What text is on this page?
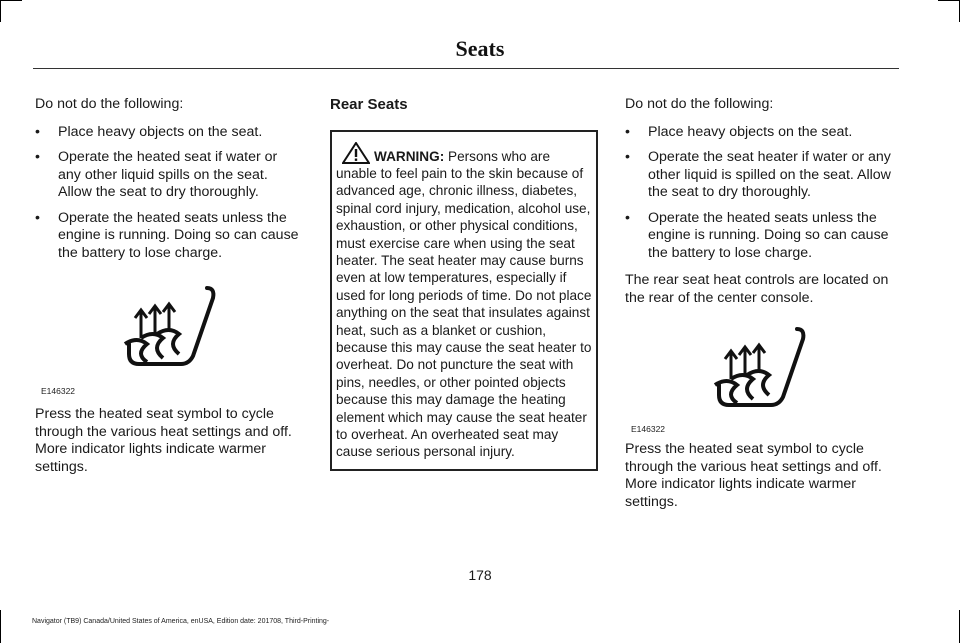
Seats

Do not do the following:

• Place heavy objects on the seat.
• Operate the heated seat if water or any other liquid spills on the seat. Allow the seat to dry thoroughly.
• Operate the heated seats unless the engine is running. Doing so can cause the battery to lose charge.
E146322

Press the heated seat symbol to cycle through the various heat settings and off. More indicator lights indicate warmer settings.

Rear Seats
WARNING: Persons who are unable to feel pain to the skin because of advanced age, chronic illness, diabetes, spinal cord injury, medication, alcohol use, exhaustion, or other physical conditions, must exercise care when using the seat heater. The seat heater may cause burns even at low temperatures, especially if used for long periods of time. Do not place anything on the seat that insulates against heat, such as a blanket or cushion, because this may cause the seat heater to overheat. Do not puncture the seat with pins, needles, or other pointed objects because this may damage the heating element which may cause the seat heater to overheat. An overheated seat may cause serious personal injury.

Do not do the following:

• Place heavy objects on the seat.
• Operate the seat heater if water or any other liquid is spilled on the seat. Allow the seat to dry thoroughly.
• Operate the heated seats unless the engine is running. Doing so can cause the battery to lose charge.

The rear seat heat controls are located on the rear of the center console.

E146322

Press the heated seat symbol to cycle through the various heat settings and off. More indicator lights indicate warmer settings.

178
Navigator (TB9) Canada/United States of America, enUSA, Edition date: 201708, Third-Printing-
